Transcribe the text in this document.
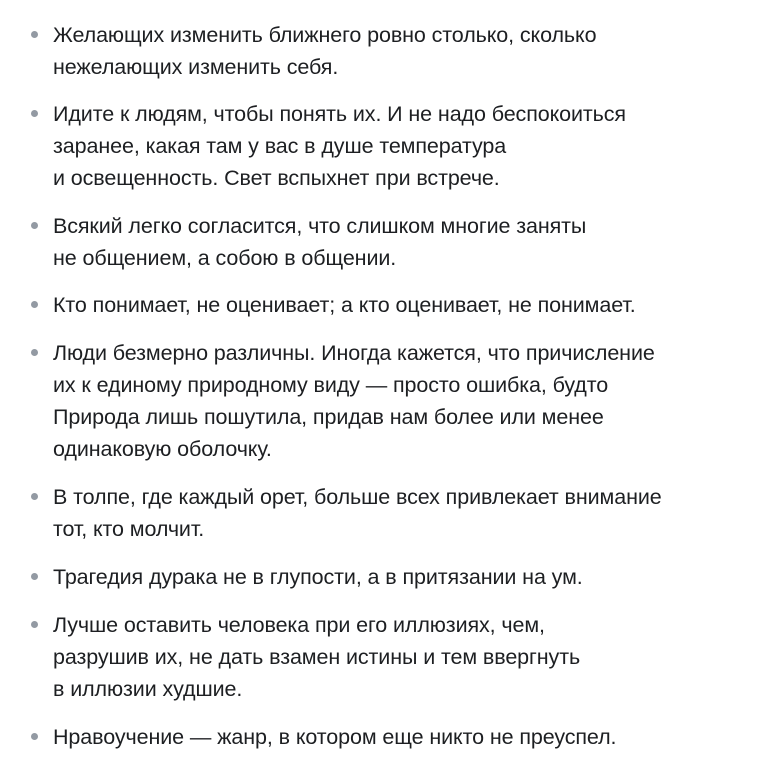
Желающих изменить ближнего ровно столько, сколько
нежелающих изменить себя.
Идите к людям, чтобы понять их. И не надо беспокоиться
заранее, какая там у вас в душе температура
и освещенность. Свет вспыхнет при встрече.
Всякий легко согласится, что слишком многие заняты
не общением, а собою в общении.
Кто понимает, не оценивает; а кто оценивает, не понимает.
Люди безмерно различны. Иногда кажется, что причисление
их к единому природному виду — просто ошибка, будто
Природа лишь пошутила, придав нам более или менее
одинаковую оболочку.
В толпе, где каждый орет, больше всех привлекает внимание
тот, кто молчит.
Трагедия дурака не в глупости, а в притязании на ум.
Лучше оставить человека при его иллюзиях, чем,
разрушив их, не дать взамен истины и тем ввергнуть
в иллюзии худшие.
Нравоучение — жанр, в котором еще никто не преуспел.
